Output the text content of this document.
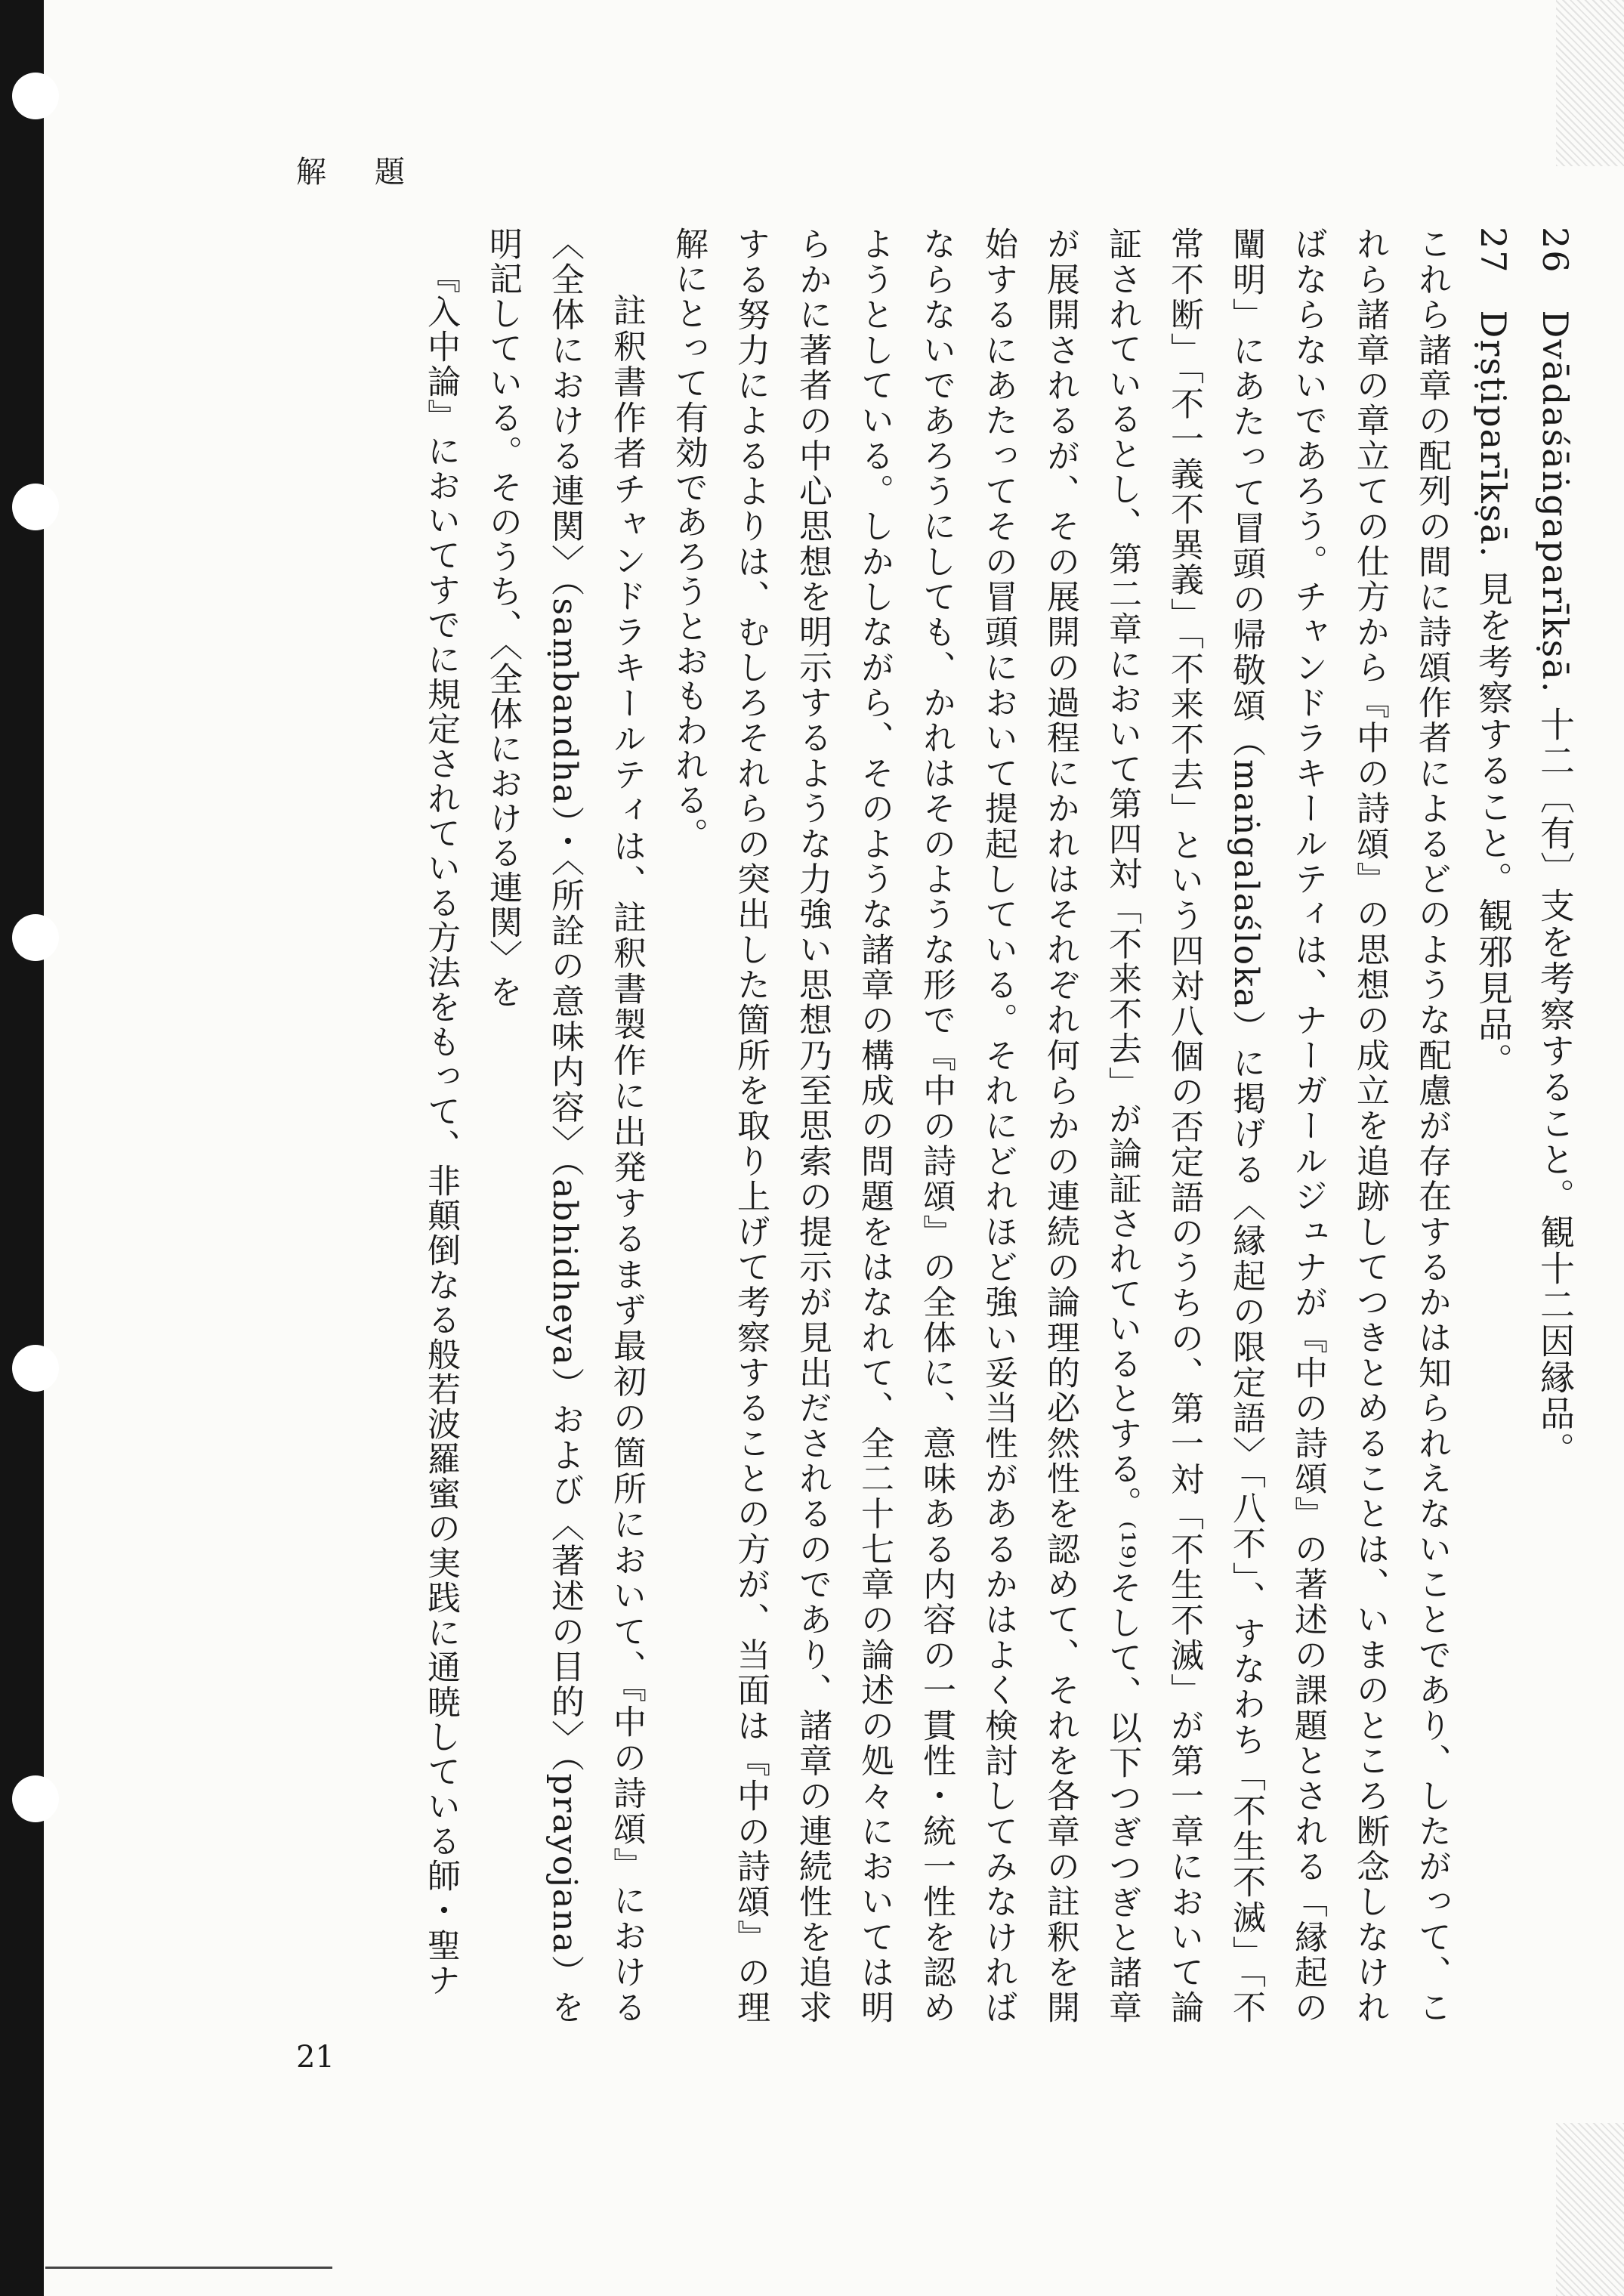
解題

26　Dvādaśāṅgaparīkṣā. 十二〔有〕支を考察すること。観十二因縁品。

27　Dṛṣṭiparīkṣā. 見を考察すること。観邪見品。

これら諸章の配列の間に詩頌作者によるどのような配慮が存在するかは知られえないことであり、したがって、これら諸章の章立ての仕方から『中の詩頌』の思想の成立を追跡してつきとめることは、いまのところ断念しなければならないであろう。チャンドラキールティは、ナーガールジュナが『中の詩頌』の著述の課題とされる「縁起の闡明」にあたって冒頭の帰敬頌（maṅgalaśloka）に掲げる〈縁起の限定語〉「八不」、すなわち「不生不滅」「不常不断」「不一義不異義」「不来不去」という四対八個の否定語のうちの、第一対「不生不滅」が第一章において論証されているとし、第二章において第四対「不来不去」が論証されているとする。⁽¹⁹⁾そして、以下つぎつぎと諸章が展開されるが、その展開の過程にかれはそれぞれ何らかの連続の論理的必然性を認めて、それを各章の註釈を開始するにあたってその冒頭において提起している。それにどれほど強い妥当性があるかはよく検討してみなければならないであろうにしても、かれはそのような形で『中の詩頌』の全体に、意味ある内容の一貫性・統一性を認めようとしている。しかしながら、そのような諸章の構成の問題をはなれて、全二十七章の論述の処々においては明らかに著者の中心思想を明示するような力強い思想乃至思索の提示が見出だされるのであり、諸章の連続性を追求する努力によるよりは、むしろそれらの突出した箇所を取り上げて考察することの方が、当面は『中の詩頌』の理解にとって有効であろうとおもわれる。

註釈書作者チャンドラキールティは、註釈書製作に出発するまず最初の箇所において、『中の詩頌』における〈全体における連関〉（saṃbandha）・〈所詮の意味内容〉（abhidheya）および〈著述の目的〉（prayojana）を明記している。そのうち、〈全体における連関〉を

『入中論』においてすでに規定されている方法をもって、非顛倒なる般若波羅蜜の実践に通暁している師・聖ナ

21
